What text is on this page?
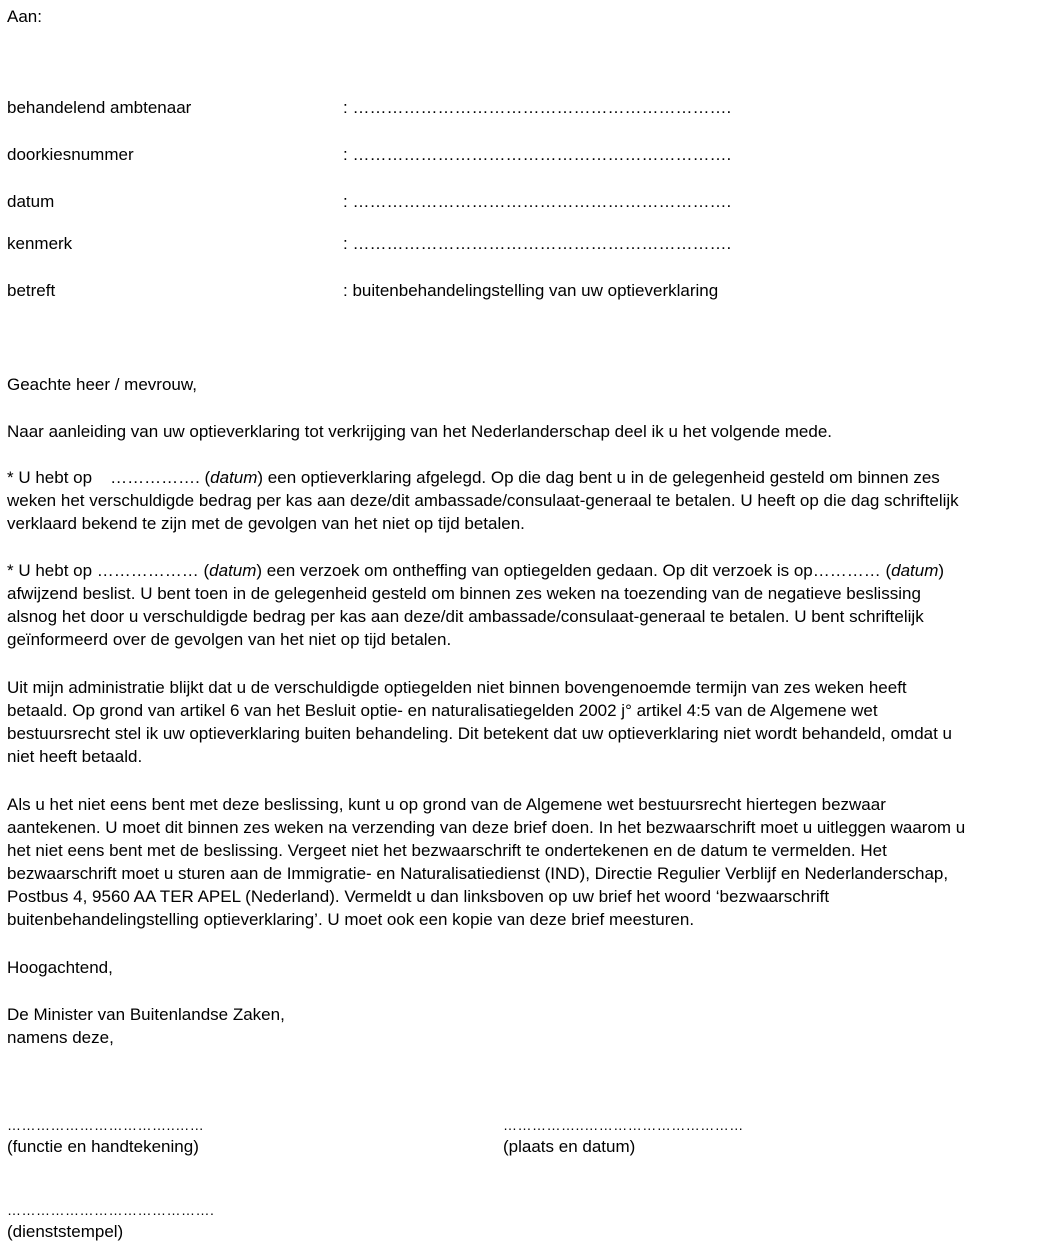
Aan:
behandelend ambtenaar	: ………………………………………………………….
doorkiesnummer	: ………………………………………………………….
datum	: ………………………………………………………….
kenmerk	: ………………………………………………………….
betreft	: buitenbehandelingstelling van uw optieverklaring
Geachte heer / mevrouw,
Naar aanleiding van uw optieverklaring tot verkrijging van het Nederlanderschap deel ik u het volgende mede.
* U hebt op ……………. (datum) een optieverklaring afgelegd. Op die dag bent u in de gelegenheid gesteld om binnen zes
weken het verschuldigde bedrag per kas aan deze/dit ambassade/consulaat-generaal te betalen. U heeft op die dag schriftelijk
verklaard bekend te zijn met de gevolgen van het niet op tijd betalen.
* U hebt op ……………… (datum) een verzoek om ontheffing van optiegelden gedaan. Op dit verzoek is op………… (datum)
afwijzend beslist. U bent toen in de gelegenheid gesteld om binnen zes weken na toezending van de negatieve beslissing
alsnog het door u verschuldigde bedrag per kas aan deze/dit ambassade/consulaat-generaal te betalen. U bent schriftelijk
geïnformeerd over de gevolgen van het niet op tijd betalen.
Uit mijn administratie blijkt dat u de verschuldigde optiegelden niet binnen bovengenoemde termijn van zes weken heeft
betaald. Op grond van artikel 6 van het Besluit optie- en naturalisatiegelden 2002 j° artikel 4:5 van de Algemene wet
bestuursrecht stel ik uw optieverklaring buiten behandeling. Dit betekent dat uw optieverklaring niet wordt behandeld, omdat u
niet heeft betaald.
Als u het niet eens bent met deze beslissing, kunt u op grond van de Algemene wet bestuursrecht hiertegen bezwaar
aantekenen. U moet dit binnen zes weken na verzending van deze brief doen. In het bezwaarschrift moet u uitleggen waarom u
het niet eens bent met de beslissing. Vergeet niet het bezwaarschrift te ondertekenen en de datum te vermelden. Het
bezwaarschrift moet u sturen aan de Immigratie- en Naturalisatiedienst (IND), Directie Regulier Verblijf en Nederlanderschap,
Postbus 4, 9560 AA TER APEL (Nederland). Vermeldt u dan linksboven op uw brief het woord ‘bezwaarschrift
buitenbehandelingstelling optieverklaring’. U moet ook een kopie van deze brief meesturen.
Hoogachtend,
De Minister van Buitenlandse Zaken,
namens deze,
……………………………..……
(functie en handtekening)
……………..……………………………
(plaats en datum)
…………………………………….
(dienststempel)
